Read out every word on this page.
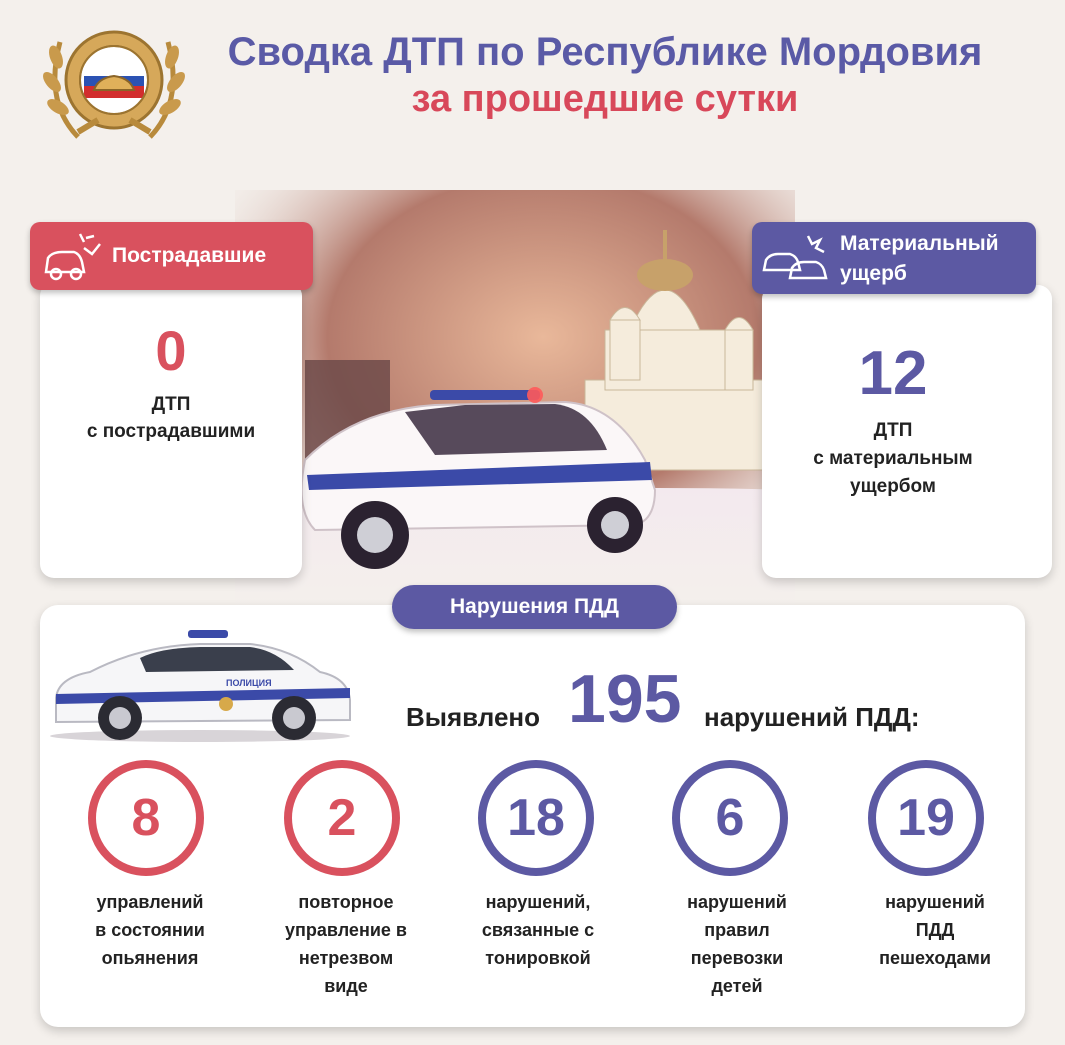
Сводка ДТП по Республике Мордовия
за прошедшие сутки
Пострадавшие
0
ДТП
с пострадавшими
Материальный
ущерб
12
ДТП
с материальным
ущербом
Нарушения ПДД
ПОЛИЦИЯ
Выявлено 195 нарушений ПДД:
8	2	18	6	19
управлений
в состоянии
опьянения
повторное
управление в
нетрезвом
виде
нарушений,
связанные с
тонировкой
нарушений
правил
перевозки
детей
нарушений
ПДД
пешеходами
